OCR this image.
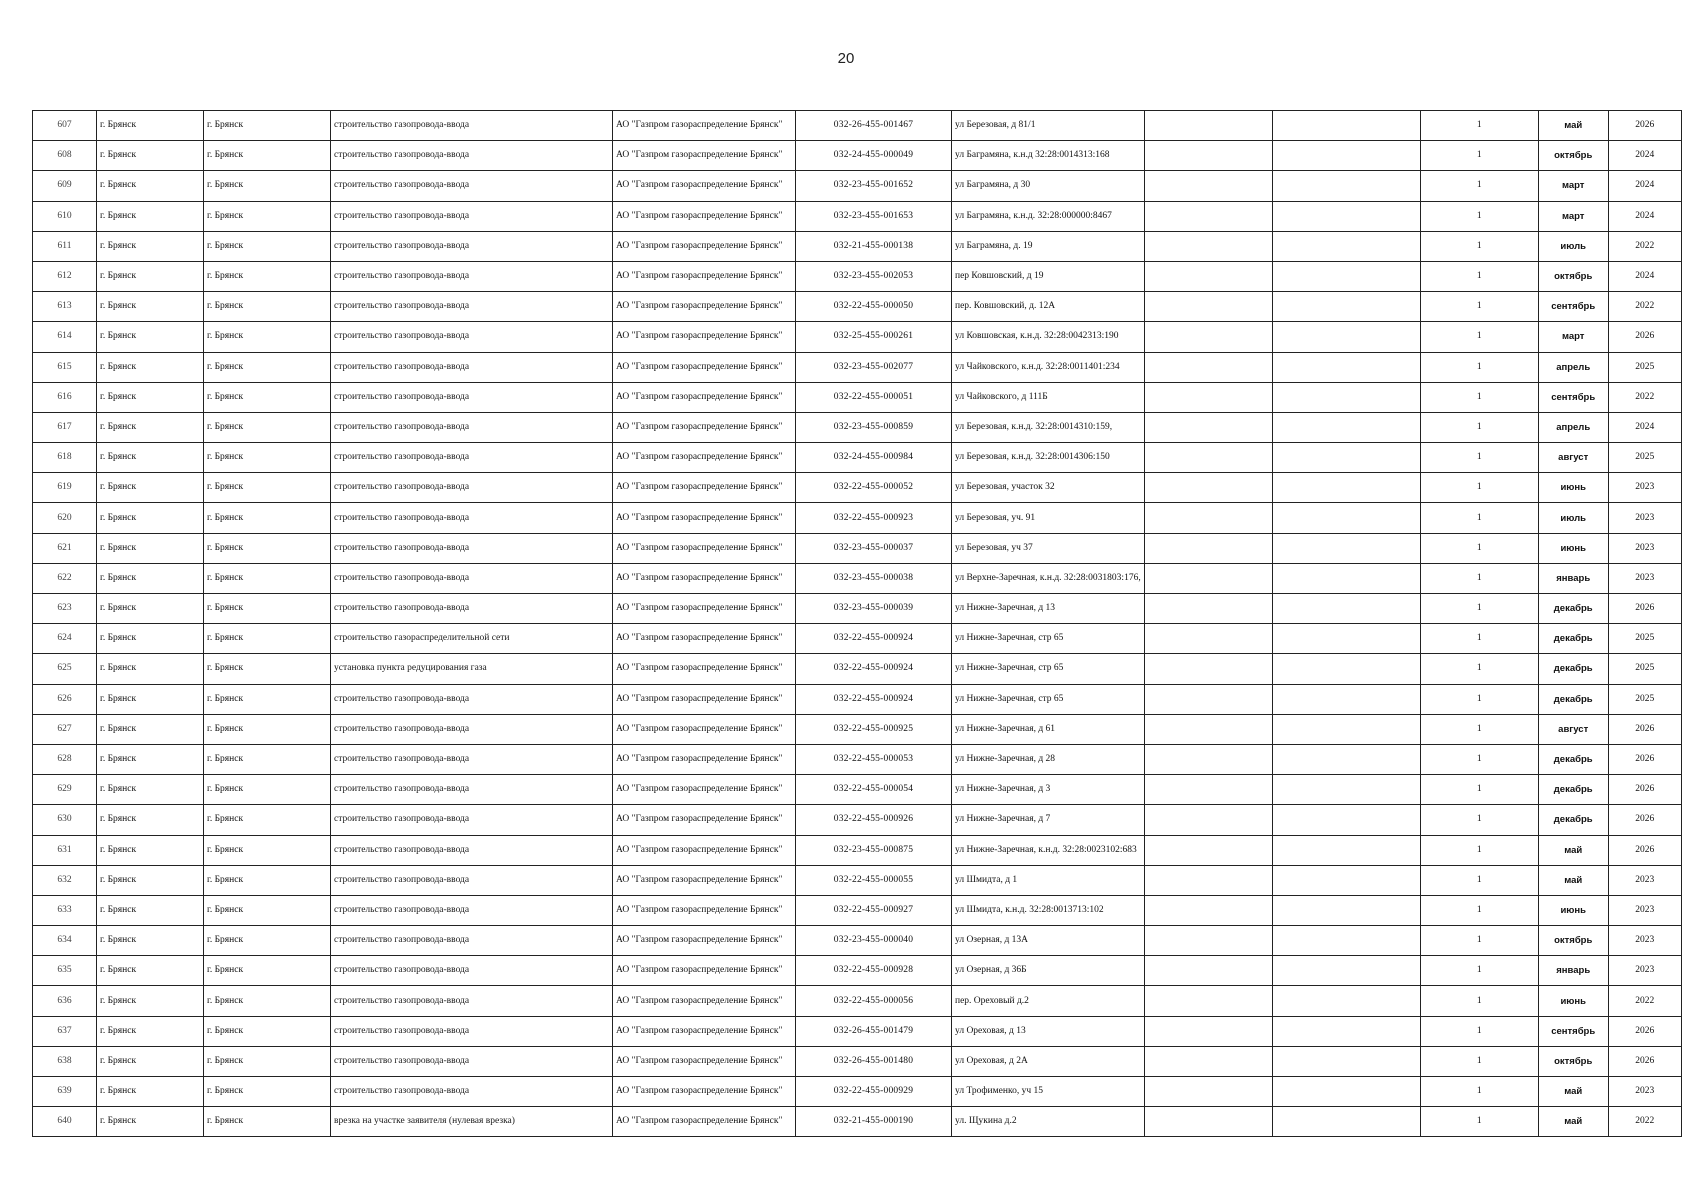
20
607	г. Брянск	г. Брянск	строительство газопровода-ввода	АО "Газпром газораспределение Брянск"	032-26-455-001467	ул Березовая, д 81/1			1	май	2026
608	г. Брянск	г. Брянск	строительство газопровода-ввода	АО "Газпром газораспределение Брянск"	032-24-455-000049	ул Баграмяна, к.н.д 32:28:0014313:168			1	октябрь	2024
609	г. Брянск	г. Брянск	строительство газопровода-ввода	АО "Газпром газораспределение Брянск"	032-23-455-001652	ул Баграмяна, д 30			1	март	2024
610	г. Брянск	г. Брянск	строительство газопровода-ввода	АО "Газпром газораспределение Брянск"	032-23-455-001653	ул Баграмяна, к.н.д. 32:28:000000:8467			1	март	2024
611	г. Брянск	г. Брянск	строительство газопровода-ввода	АО "Газпром газораспределение Брянск"	032-21-455-000138	ул Баграмяна, д. 19			1	июль	2022
612	г. Брянск	г. Брянск	строительство газопровода-ввода	АО "Газпром газораспределение Брянск"	032-23-455-002053	пер Ковшовский, д 19			1	октябрь	2024
613	г. Брянск	г. Брянск	строительство газопровода-ввода	АО "Газпром газораспределение Брянск"	032-22-455-000050	пер. Ковшовский, д. 12А			1	сентябрь	2022
614	г. Брянск	г. Брянск	строительство газопровода-ввода	АО "Газпром газораспределение Брянск"	032-25-455-000261	ул Ковшовская, к.н.д. 32:28:0042313:190			1	март	2026
615	г. Брянск	г. Брянск	строительство газопровода-ввода	АО "Газпром газораспределение Брянск"	032-23-455-002077	ул Чайковского, к.н.д. 32:28:0011401:234			1	апрель	2025
616	г. Брянск	г. Брянск	строительство газопровода-ввода	АО "Газпром газораспределение Брянск"	032-22-455-000051	ул Чайковского, д 111Б			1	сентябрь	2022
617	г. Брянск	г. Брянск	строительство газопровода-ввода	АО "Газпром газораспределение Брянск"	032-23-455-000859	ул Березовая, к.н.д. 32:28:0014310:159,			1	апрель	2024
618	г. Брянск	г. Брянск	строительство газопровода-ввода	АО "Газпром газораспределение Брянск"	032-24-455-000984	ул Березовая, к.н.д. 32:28:0014306:150			1	август	2025
619	г. Брянск	г. Брянск	строительство газопровода-ввода	АО "Газпром газораспределение Брянск"	032-22-455-000052	ул Березовая, участок 32			1	июнь	2023
620	г. Брянск	г. Брянск	строительство газопровода-ввода	АО "Газпром газораспределение Брянск"	032-22-455-000923	ул Березовая, уч. 91			1	июль	2023
621	г. Брянск	г. Брянск	строительство газопровода-ввода	АО "Газпром газораспределение Брянск"	032-23-455-000037	ул Березовая, уч 37			1	июнь	2023
622	г. Брянск	г. Брянск	строительство газопровода-ввода	АО "Газпром газораспределение Брянск"	032-23-455-000038	ул Верхне-Заречная, к.н.д. 32:28:0031803:176,			1	январь	2023
623	г. Брянск	г. Брянск	строительство газопровода-ввода	АО "Газпром газораспределение Брянск"	032-23-455-000039	ул Нижне-Заречная, д 13			1	декабрь	2026
624	г. Брянск	г. Брянск	строительство газораспределительной сети	АО "Газпром газораспределение Брянск"	032-22-455-000924	ул Нижне-Заречная, стр 65			1	декабрь	2025
625	г. Брянск	г. Брянск	установка пункта редуцирования газа	АО "Газпром газораспределение Брянск"	032-22-455-000924	ул Нижне-Заречная, стр 65			1	декабрь	2025
626	г. Брянск	г. Брянск	строительство газопровода-ввода	АО "Газпром газораспределение Брянск"	032-22-455-000924	ул Нижне-Заречная, стр 65			1	декабрь	2025
627	г. Брянск	г. Брянск	строительство газопровода-ввода	АО "Газпром газораспределение Брянск"	032-22-455-000925	ул Нижне-Заречная, д 61			1	август	2026
628	г. Брянск	г. Брянск	строительство газопровода-ввода	АО "Газпром газораспределение Брянск"	032-22-455-000053	ул Нижне-Заречная, д 28			1	декабрь	2026
629	г. Брянск	г. Брянск	строительство газопровода-ввода	АО "Газпром газораспределение Брянск"	032-22-455-000054	ул Нижне-Заречная, д 3			1	декабрь	2026
630	г. Брянск	г. Брянск	строительство газопровода-ввода	АО "Газпром газораспределение Брянск"	032-22-455-000926	ул Нижне-Заречная, д 7			1	декабрь	2026
631	г. Брянск	г. Брянск	строительство газопровода-ввода	АО "Газпром газораспределение Брянск"	032-23-455-000875	ул Нижне-Заречная, к.н.д. 32:28:0023102:683			1	май	2026
632	г. Брянск	г. Брянск	строительство газопровода-ввода	АО "Газпром газораспределение Брянск"	032-22-455-000055	ул Шмидта, д 1			1	май	2023
633	г. Брянск	г. Брянск	строительство газопровода-ввода	АО "Газпром газораспределение Брянск"	032-22-455-000927	ул Шмидта, к.н.д. 32:28:0013713:102			1	июнь	2023
634	г. Брянск	г. Брянск	строительство газопровода-ввода	АО "Газпром газораспределение Брянск"	032-23-455-000040	ул Озерная, д 13А			1	октябрь	2023
635	г. Брянск	г. Брянск	строительство газопровода-ввода	АО "Газпром газораспределение Брянск"	032-22-455-000928	ул Озерная, д 36Б			1	январь	2023
636	г. Брянск	г. Брянск	строительство газопровода-ввода	АО "Газпром газораспределение Брянск"	032-22-455-000056	пер. Ореховый д.2			1	июнь	2022
637	г. Брянск	г. Брянск	строительство газопровода-ввода	АО "Газпром газораспределение Брянск"	032-26-455-001479	ул Ореховая, д 13			1	сентябрь	2026
638	г. Брянск	г. Брянск	строительство газопровода-ввода	АО "Газпром газораспределение Брянск"	032-26-455-001480	ул Ореховая, д 2А			1	октябрь	2026
639	г. Брянск	г. Брянск	строительство газопровода-ввода	АО "Газпром газораспределение Брянск"	032-22-455-000929	ул Трофименко, уч 15			1	май	2023
640	г. Брянск	г. Брянск	врезка на участке заявителя (нулевая врезка)	АО "Газпром газораспределение Брянск"	032-21-455-000190	ул. Щукина д.2			1	май	2022
